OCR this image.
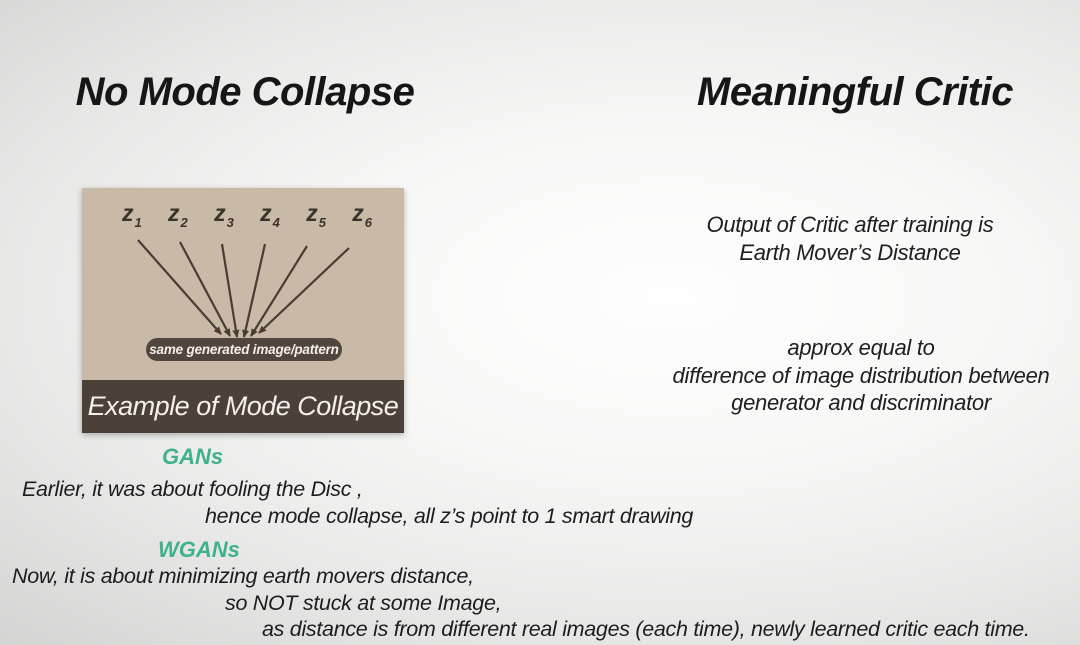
No Mode Collapse	Meaningful Critic
$z_1$ $z_2$ $z_3$ $z_4$ $z_5$ $z_6$
same generated image/pattern
Example of Mode Collapse
Output of Critic after training is
Earth Mover’s Distance
approx equal to
difference of image distribution between
generator and discriminator
GANs
Earlier, it was about fooling the Disc ,
hence mode collapse, all z’s point to 1 smart drawing
WGANs
Now, it is about minimizing earth movers distance,
so NOT stuck at some Image,
as distance is from different real images (each time), newly learned critic each time.
